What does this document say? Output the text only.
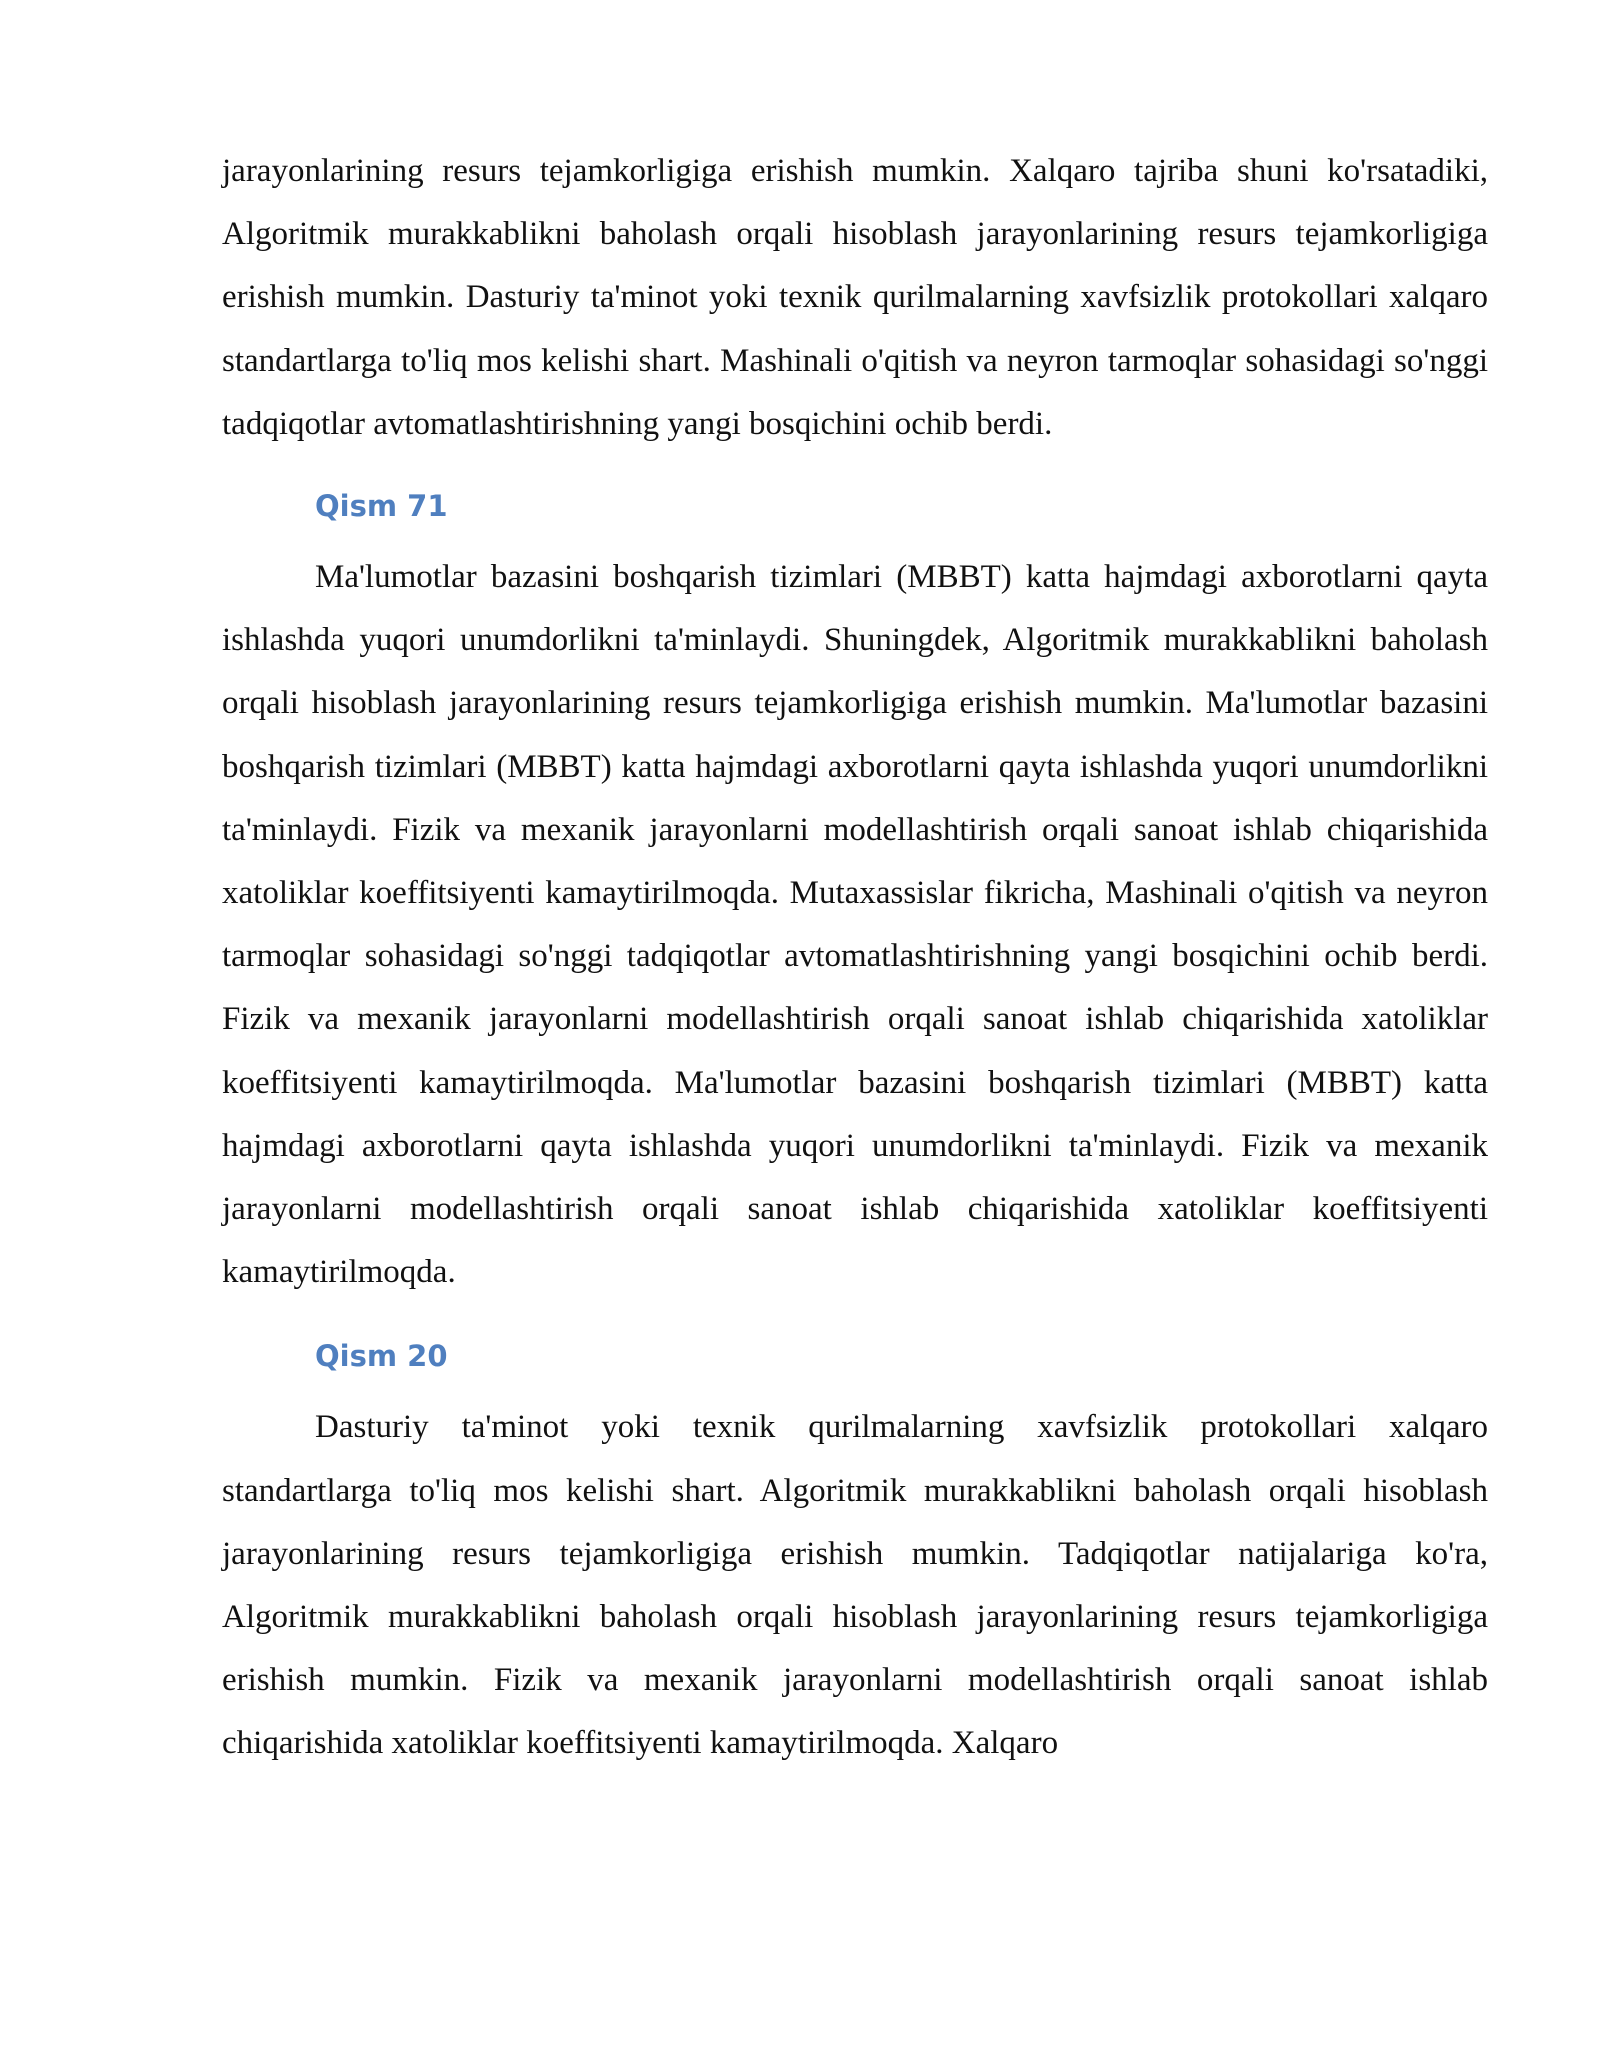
jarayonlarining resurs tejamkorligiga erishish mumkin. Xalqaro tajriba shuni ko'rsatadiki, Algoritmik murakkablikni baholash orqali hisoblash jarayonlarining resurs tejamkorligiga erishish mumkin. Dasturiy ta'minot yoki texnik qurilmalarning xavfsizlik protokollari xalqaro standartlarga to'liq mos kelishi shart. Mashinali o'qitish va neyron tarmoqlar sohasidagi so'nggi tadqiqotlar avtomatlashtirishning yangi bosqichini ochib berdi.

Qism 71

Ma'lumotlar bazasini boshqarish tizimlari (MBBT) katta hajmdagi axborotlarni qayta ishlashda yuqori unumdorlikni ta'minlaydi. Shuningdek, Algoritmik murakkablikni baholash orqali hisoblash jarayonlarining resurs tejamkorligiga erishish mumkin. Ma'lumotlar bazasini boshqarish tizimlari (MBBT) katta hajmdagi axborotlarni qayta ishlashda yuqori unumdorlikni ta'minlaydi. Fizik va mexanik jarayonlarni modellashtirish orqali sanoat ishlab chiqarishida xatoliklar koeffitsiyenti kamaytirilmoqda. Mutaxassislar fikricha, Mashinali o'qitish va neyron tarmoqlar sohasidagi so'nggi tadqiqotlar avtomatlashtirishning yangi bosqichini ochib berdi. Fizik va mexanik jarayonlarni modellashtirish orqali sanoat ishlab chiqarishida xatoliklar koeffitsiyenti kamaytirilmoqda. Ma'lumotlar bazasini boshqarish tizimlari (MBBT) katta hajmdagi axborotlarni qayta ishlashda yuqori unumdorlikni ta'minlaydi. Fizik va mexanik jarayonlarni modellashtirish orqali sanoat ishlab chiqarishida xatoliklar koeffitsiyenti kamaytirilmoqda.

Qism 20

Dasturiy ta'minot yoki texnik qurilmalarning xavfsizlik protokollari xalqaro standartlarga to'liq mos kelishi shart. Algoritmik murakkablikni baholash orqali hisoblash jarayonlarining resurs tejamkorligiga erishish mumkin. Tadqiqotlar natijalariga ko'ra, Algoritmik murakkablikni baholash orqali hisoblash jarayonlarining resurs tejamkorligiga erishish mumkin. Fizik va mexanik jarayonlarni modellashtirish orqali sanoat ishlab chiqarishida xatoliklar koeffitsiyenti kamaytirilmoqda. Xalqaro
